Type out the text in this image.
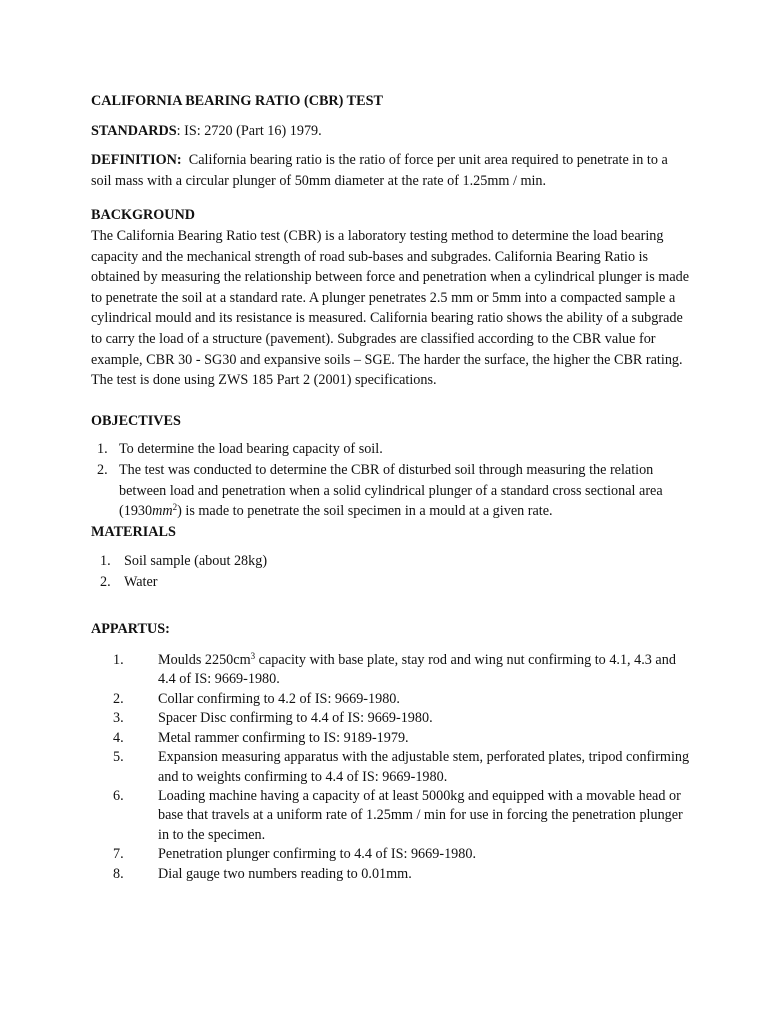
CALIFORNIA BEARING RATIO (CBR) TEST

STANDARDS: IS: 2720 (Part 16) 1979.

DEFINITION: California bearing ratio is the ratio of force per unit area required to penetrate in to a soil mass with a circular plunger of 50mm diameter at the rate of 1.25mm / min.

BACKGROUND

The California Bearing Ratio test (CBR) is a laboratory testing method to determine the load bearing capacity and the mechanical strength of road sub-bases and subgrades. California Bearing Ratio is obtained by measuring the relationship between force and penetration when a cylindrical plunger is made to penetrate the soil at a standard rate. A plunger penetrates 2.5 mm or 5mm into a compacted sample a cylindrical mould and its resistance is measured. California bearing ratio shows the ability of a subgrade to carry the load of a structure (pavement). Subgrades are classified according to the CBR value for example, CBR 30 - SG30 and expansive soils – SGE. The harder the surface, the higher the CBR rating. The test is done using ZWS 185 Part 2 (2001) specifications.

OBJECTIVES

1. To determine the load bearing capacity of soil.
2. The test was conducted to determine the CBR of disturbed soil through measuring the relation between load and penetration when a solid cylindrical plunger of a standard cross sectional area $(1930mm^2)$ is made to penetrate the soil specimen in a mould at a given rate.

MATERIALS

1. Soil sample (about 28kg)
2. Water

APPARTUS:

1. Moulds $2250cm^3$ capacity with base plate, stay rod and wing nut confirming to 4.1, 4.3 and 4.4 of IS: 9669-1980.
2. Collar confirming to 4.2 of IS: 9669-1980.
3. Spacer Disc confirming to 4.4 of IS: 9669-1980.
4. Metal rammer confirming to IS: 9189-1979.
5. Expansion measuring apparatus with the adjustable stem, perforated plates, tripod confirming and to weights confirming to 4.4 of IS: 9669-1980.
6. Loading machine having a capacity of at least 5000kg and equipped with a movable head or base that travels at a uniform rate of 1.25mm / min for use in forcing the penetration plunger in to the specimen.
7. Penetration plunger confirming to 4.4 of IS: 9669-1980.
8. Dial gauge two numbers reading to 0.01mm.
